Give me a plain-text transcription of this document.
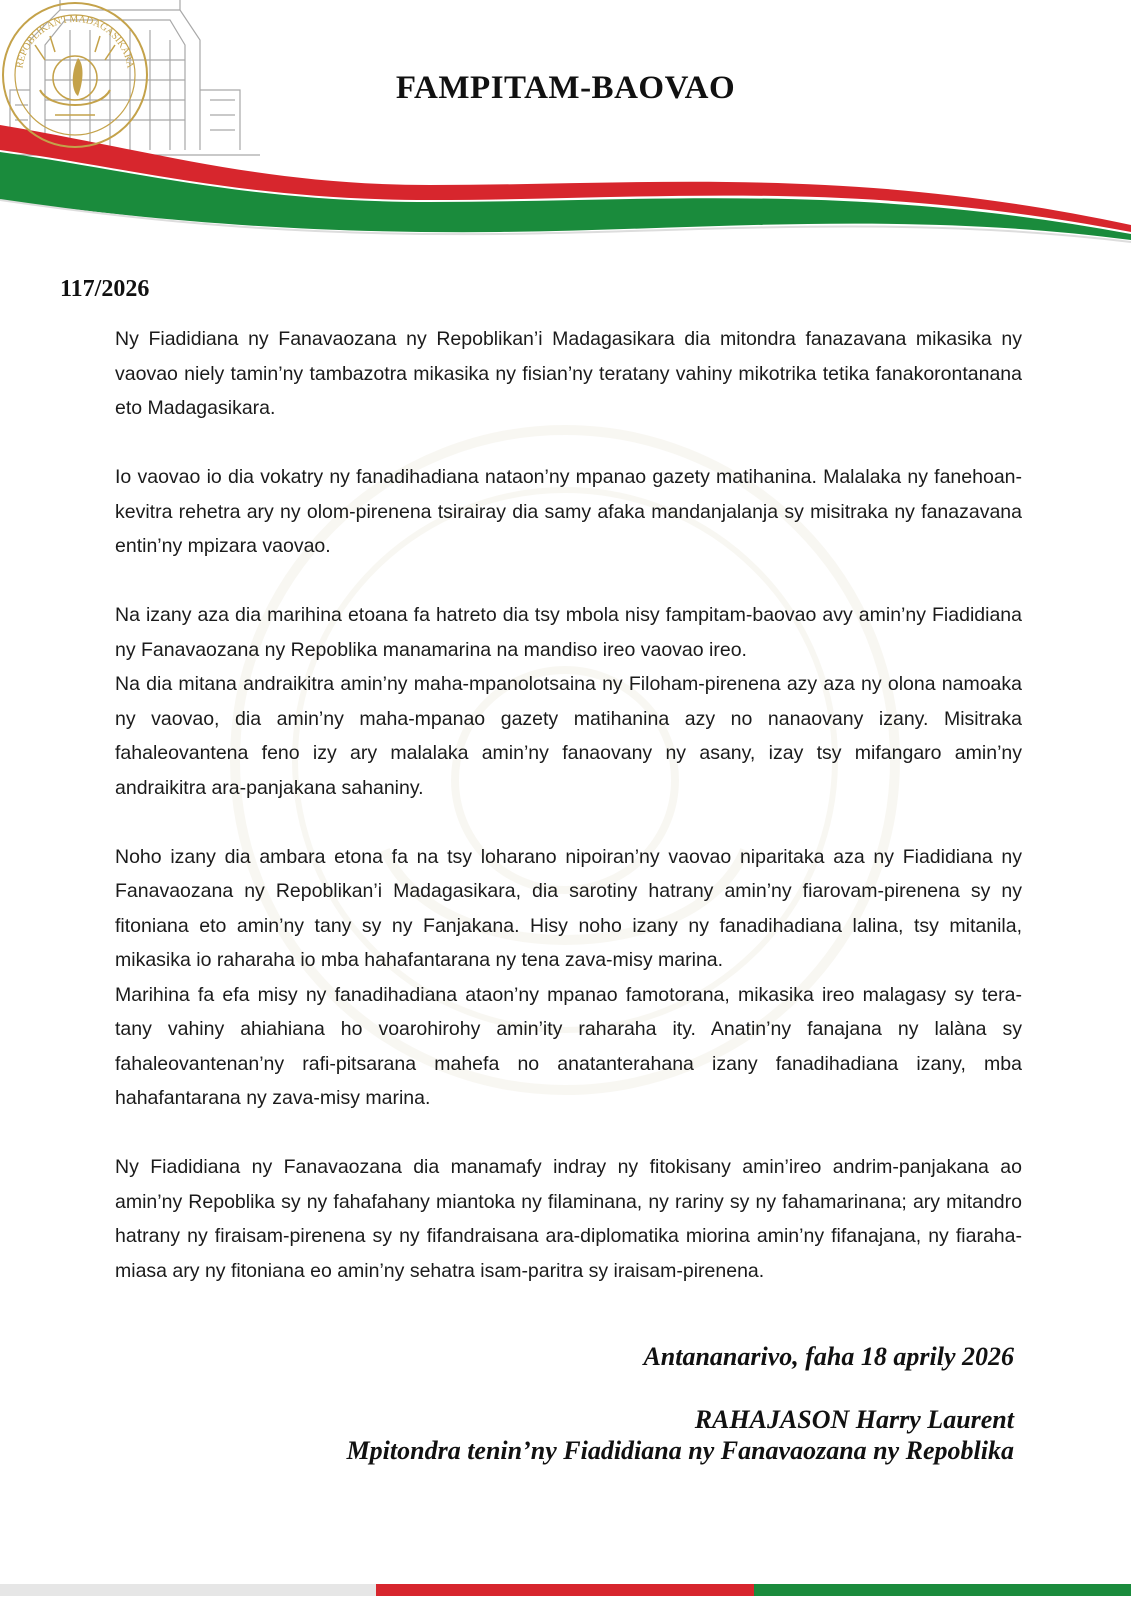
FAMPITAM-BAOVAO
REPOBLIKAN'I MADAGASIKARA
117/2026

Ny Fiadidiana ny Fanavaozana ny Repoblikan’i Madagasikara dia mitondra fanazavana mikasika ny vaovao niely tamin’ny tambazotra mikasika ny fisian’ny teratany vahiny mikotrika tetika fanakorontanana eto Madagasikara.

Io vaovao io dia vokatry ny fanadihadiana nataon’ny mpanao gazety matihanina. Malalaka ny fanehoan-kevitra rehetra ary ny olom-pirenena tsirairay dia samy afaka mandanjalanja sy misitraka ny fanazavana entin’ny mpizara vaovao.

Na izany aza dia marihina etoana fa hatreto dia tsy mbola nisy fampitam-baovao avy amin’ny Fiadidiana ny Fanavaozana ny Repoblika manamarina na mandiso ireo vaovao ireo.

Na dia mitana andraikitra amin’ny maha-mpanolotsaina ny Filoham-pirenena azy aza ny olona namoaka ny vaovao, dia amin’ny maha-mpanao gazety matihanina azy no nanaovany izany. Misitraka fahaleovantena feno izy ary malalaka amin’ny fanaovany ny asany, izay tsy mifangaro amin’ny andraikitra ara-panjakana sahaniny.

Noho izany dia ambara etona fa na tsy loharano nipoiran’ny vaovao niparitaka aza ny Fiadidiana ny Fanavaozana ny Repoblikan’i Madagasikara, dia sarotiny hatrany amin’ny fiarovam-pirenena sy ny fitoniana eto amin’ny tany sy ny Fanjakana. Hisy noho izany ny fanadihadiana lalina, tsy mitanila, mikasika io raharaha io mba hahafantarana ny tena zava-misy marina.

Marihina fa efa misy ny fanadihadiana ataon’ny mpanao famotorana, mikasika ireo malagasy sy tera-tany vahiny ahiahiana ho voarohirohy amin’ity raharaha ity. Anatin’ny fanajana ny lalàna sy fahaleovantenan’ny rafi-pitsarana mahefa no anatanterahana izany fanadihadiana izany, mba hahafantarana ny zava-misy marina.

Ny Fiadidiana ny Fanavaozana dia manamafy indray ny fitokisany amin’ireo andrim-panjakana ao amin’ny Repoblika sy ny fahafahany miantoka ny filaminana, ny rariny sy ny fahamarinana; ary mitandro hatrany ny firaisam-pirenena sy ny fifandraisana ara-diplomatika miorina amin’ny fifanajana, ny fiaraha-miasa ary ny fitoniana eo amin’ny sehatra isam-paritra sy iraisam-pirenena.

Antananarivo, faha 18 aprily 2026
RAHAJASON Harry Laurent
Mpitondra tenin’ny Fiadidiana ny Fanavaozana ny Repoblika
